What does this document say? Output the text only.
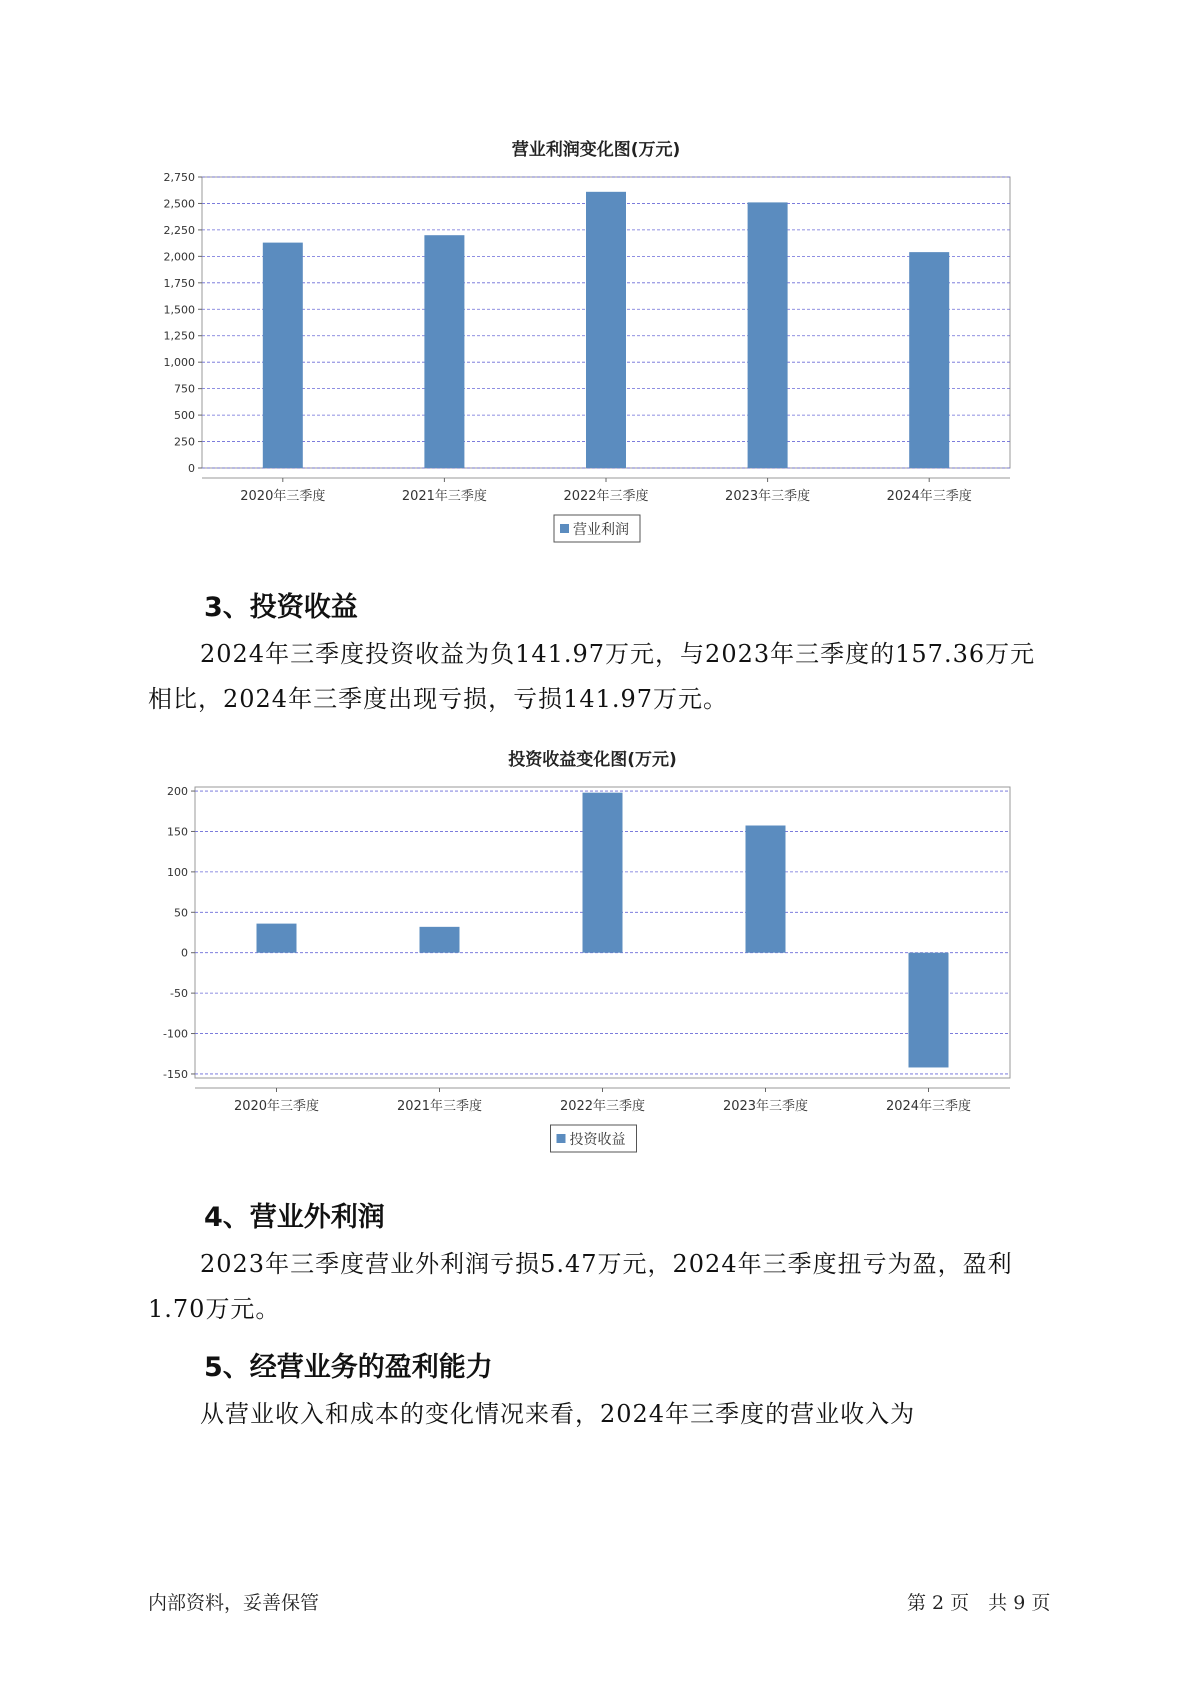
营业利润变化图(万元)
0
250
500
750
1,000
1,250
1,500
1,750
2,000
2,250
2,500
2,750
2020年三季度	2021年三季度	2022年三季度	2023年三季度	2024年三季度
营业利润
3、投资收益

2024年三季度投资收益为负141.97万元，与2023年三季度的157.36万元相比，2024年三季度出现亏损，亏损141.97万元。

投资收益变化图(万元)
-150
-100
-50
0
50
100
150
200
2020年三季度	2021年三季度	2022年三季度	2023年三季度	2024年三季度
投资收益
4、营业外利润

2023年三季度营业外利润亏损5.47万元，2024年三季度扭亏为盈，盈利1.70万元。

5、经营业务的盈利能力

从营业收入和成本的变化情况来看，2024年三季度的营业收入为

内部资料，妥善保管	第 2 页　共 9 页
